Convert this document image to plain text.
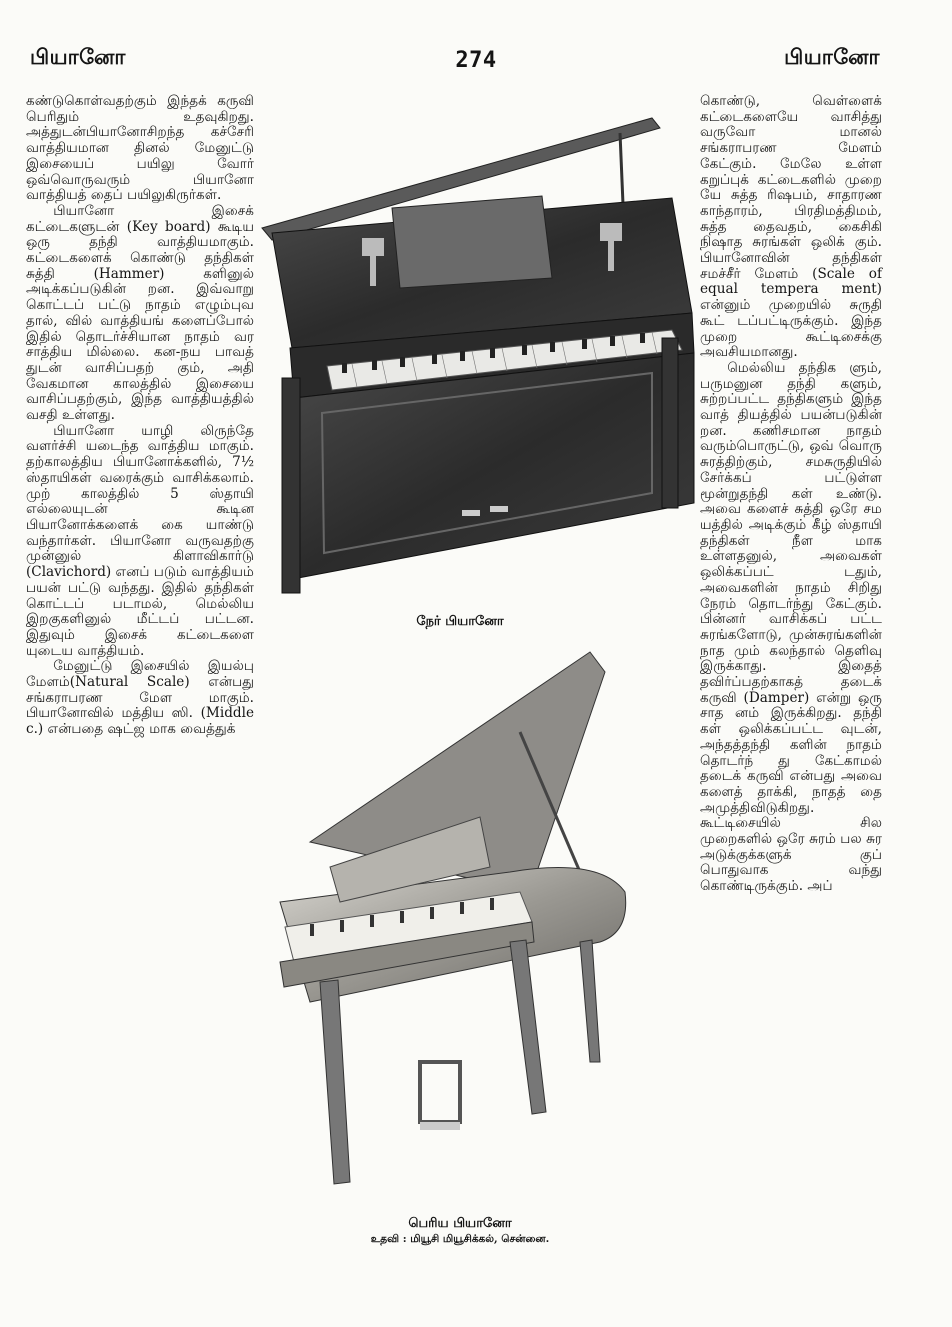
பியானோ	274	பியானோ

கண்டுகொள்வதற்கும் இந்தக் கருவி பெரிதும் உதவுகிறது. அத்துடன்பியானோசிறந்த கச்சேரி வாத்தியமான தினல் மேனுட்டு இசையைப் பயிலு வோர் ஒவ்வொருவரும் பியானோ வாத்தியத் தைப் பயிலுகிருர்கள்.

பியானோ இசைக் கட்டைகளுடன் (Key board) கூடிய ஒரு தந்தி வாத்தியமாகும். கட்டைகளைக் கொண்டு தந்திகள் சுத்தி (Hammer) களினுல் அடிக்கப்படுகின் றன. இவ்வாறு கொட்டப் பட்டு நாதம் எழும்புவ தால், வில் வாத்தியங் களைப்போல் இதில் தொடர்ச்சியான நாதம் வர சாத்திய மில்லை. கன-நய பாவத் துடன் வாசிப்பதற் கும், அதி வேகமான காலத்தில் இசையை வாசிப்பதற்கும், இந்த வாத்தியத்தில் வசதி உள்ளது.

பியானோ யாழி லிருந்தே வளர்ச்சி யடைந்த வாத்திய மாகும். தற்காலத்திய பியானோக்களில், 7½ ஸ்தாயிகள் வரைக்கும் வாசிக்கலாம். முற் காலத்தில் 5 ஸ்தாயி எல்லையுடன் கூடின பியானோக்களைக் கை யாண்டு வந்தார்கள். பியானோ வருவதற்கு முன்னுல் கிளாவிகார்டு (Clavichord) எனப் படும் வாத்தியம் பயன் பட்டு வந்தது. இதில் தந்திகள் கொட்டப் படாமல், மெல்லிய இறகுகளினுல் மீட்டப் பட்டன. இதுவும் இசைக் கட்டைகளை யுடைய வாத்தியம்.

மேனுட்டு இசையில் இயல்பு மேளம்(Natural Scale) என்பது சங்கராபரண மேள மாகும். பியானோவில் மத்திய ஸி. (Middle c.) என்பதை ஷட்ஜ மாக வைத்துக்

கொண்டு, வெள்ளைக் கட்டைகளையே வாசித்து வருவோ மானல் சங்கராபரண மேளம் கேட்கும். மேலே உள்ள கறுப்புக் கட்டைகளில் முறை யே சுத்த ரிஷபம், சாதாரண காந்தாரம், பிரதிமத்திமம், சுத்த தைவதம், கைசிகி நிஷாத சுரங்கள் ஒலிக் கும். பியானோவின் தந்திகள் சமச்சீர் மேளம் (Scale of equal tempera ment) என்னும் முறையில் சுருதி கூட் டப்பட்டிருக்கும். இந்த முறை கூட்டிசைக்கு அவசியமானது.

மெல்லிய தந்திக ளும், பருமனுன தந்தி களும், சுற்றப்பட்ட தந்திகளும் இந்த வாத் தியத்தில் பயன்படுகின் றன. கணிசமான நாதம் வரும்பொருட்டு, ஒவ் வொரு சுரத்திற்கும், சமசுருதியில் சேர்க்கப் பட்டுள்ள மூன்றுதந்தி கள் உண்டு. அவை களைச் சுத்தி ஒரே சம யத்தில் அடிக்கும் கீழ் ஸ்தாயி தந்திகள் நீள மாக உள்ளதனுல், அவைகள் ஒலிக்கப்பட் டதும், அவைகளின் நாதம் சிறிது நேரம் தொடர்ந்து கேட்கும். பின்னர் வாசிக்கப் பட்ட சுரங்களோடு, முன்சுரங்களின் நாத மும் கலந்தால் தெளிவு இருக்காது. இதைத் தவிர்ப்பதற்காகத் தடைக் கருவி (Damper) என்று ஒரு சாத னம் இருக்கிறது. தந்தி கள் ஒலிக்கப்பட்ட வுடன், அந்தத்தந்தி களின் நாதம் தொடர்ந் து கேட்காமல் தடைக் கருவி என்பது அவை களைத் தாக்கி, நாதத் தை அமுத்திவிடுகிறது. கூட்டிசையில் சில முறைகளில் ஒரே சுரம் பல சுர அடுக்குக்களுக் குப் பொதுவாக வந்து கொண்டிருக்கும். அப்

நேர் பியானோ
பெரிய பியானோ
உதவி : மியூசி மியூசிக்கல், சென்னை.
